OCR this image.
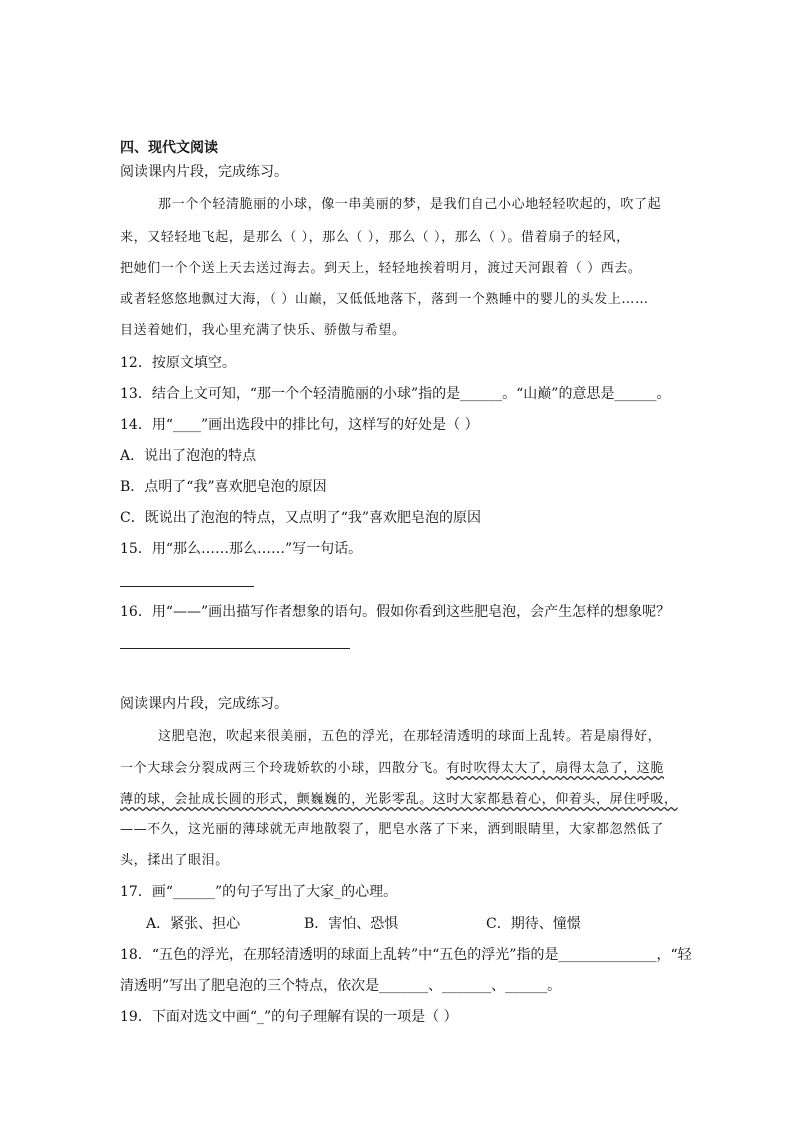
四、现代文阅读
阅读课内片段，完成练习。
那一个个轻清脆丽的小球，像一串美丽的梦，是我们自己小心地轻轻吹起的，吹了起
来，又轻轻地飞起，是那么（ ），那么（ ），那么（ ），那么（ ）。借着扇子的轻风，
把她们一个个送上天去送过海去。到天上，轻轻地挨着明月，渡过天河跟着（ ）西去。
或者轻悠悠地飘过大海，（ ）山巅，又低低地落下，落到一个熟睡中的婴儿的头发上……
目送着她们，我心里充满了快乐、骄傲与希望。
12．按原文填空。
13．结合上文可知，“那一个个轻清脆丽的小球”指的是______。“山巅”的意思是______。
14．用“____”画出选段中的排比句，这样写的好处是（ ）
A．说出了泡泡的特点
B．点明了“我”喜欢肥皂泡的原因
C．既说出了泡泡的特点，又点明了“我”喜欢肥皂泡的原因
15．用“那么……那么……”写一句话。
16．用“——”画出描写作者想象的语句。假如你看到这些肥皂泡，会产生怎样的想象呢？
阅读课内片段，完成练习。
这肥皂泡，吹起来很美丽，五色的浮光，在那轻清透明的球面上乱转。若是扇得好，
一个大球会分裂成两三个玲珑娇软的小球，四散分飞。有时吹得太大了，扇得太急了，这脆
薄的球，会扯成长圆的形式，颤巍巍的，光影零乱。这时大家都悬着心，仰着头，屏住呼吸，
——不久，这光丽的薄球就无声地散裂了，肥皂水落了下来，洒到眼睛里，大家都忽然低了
头，揉出了眼泪。
17．画“______”的句子写出了大家_的心理。
A．紧张、担心	B．害怕、恐惧	C．期待、憧憬
18．“五色的浮光，在那轻清透明的球面上乱转”中“五色的浮光”指的是______________，“轻
清透明”写出了肥皂泡的三个特点，依次是_______、_______、______。
19．下面对选文中画“_”的句子理解有误的一项是（ ）
